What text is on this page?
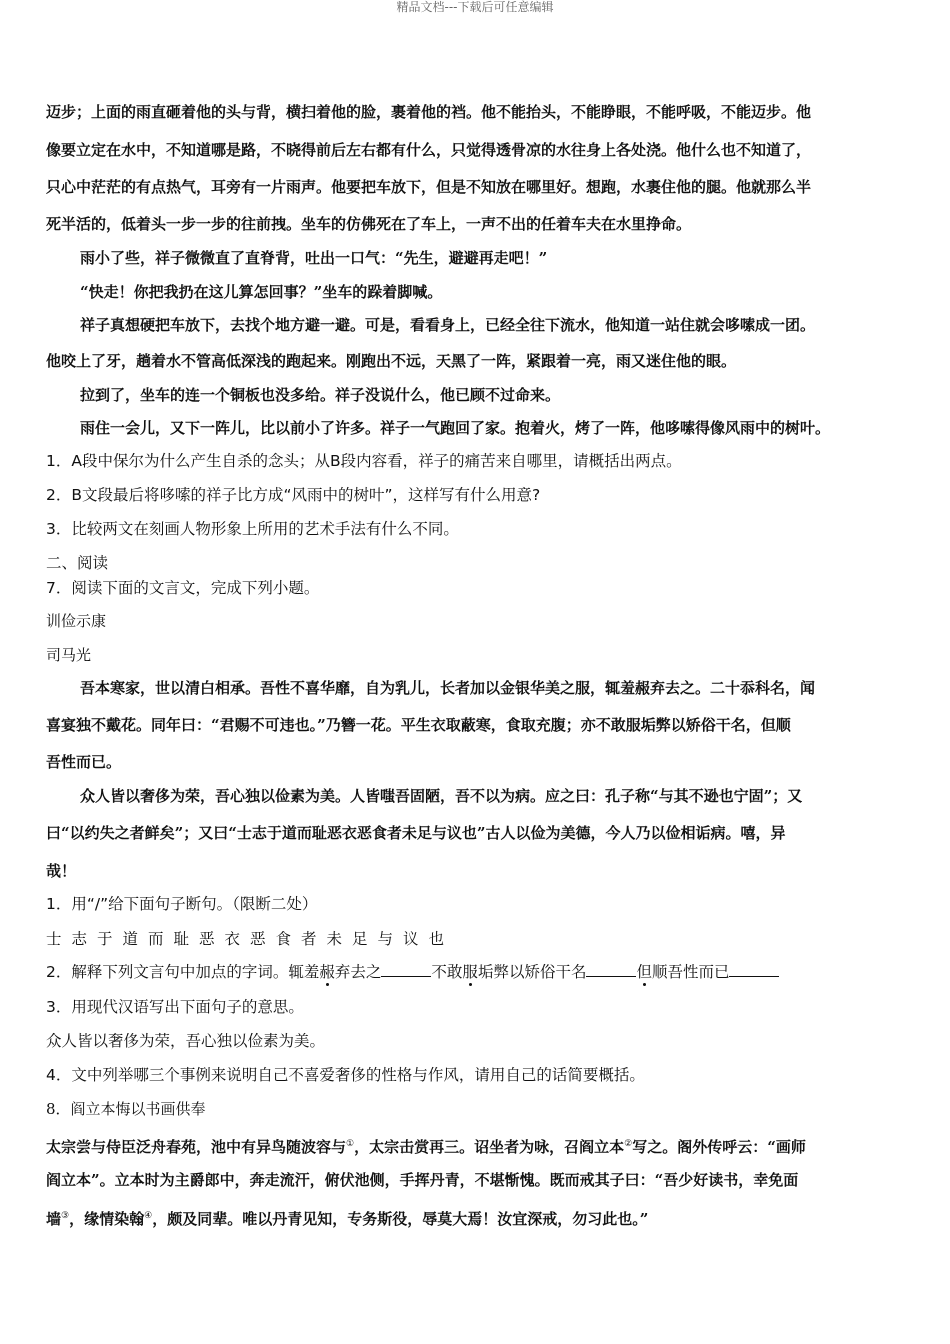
精品文档---下载后可任意编辑
迈步；上面的雨直砸着他的头与背，横扫着他的脸，裹着他的裆。他不能抬头，不能睁眼，不能呼吸，不能迈步。他
像要立定在水中，不知道哪是路，不晓得前后左右都有什么，只觉得透骨凉的水往身上各处浇。他什么也不知道了，
只心中茫茫的有点热气，耳旁有一片雨声。他要把车放下，但是不知放在哪里好。想跑，水裹住他的腿。他就那么半
死半活的，低着头一步一步的往前拽。坐车的仿佛死在了车上，一声不出的任着车夫在水里挣命。
雨小了些，祥子微微直了直脊背，吐出一口气：“先生，避避再走吧！”
“快走！你把我扔在这儿算怎回事？”坐车的跺着脚喊。
祥子真想硬把车放下，去找个地方避一避。可是，看看身上，已经全往下流水，他知道一站住就会哆嗦成一团。
他咬上了牙，趟着水不管高低深浅的跑起来。刚跑出不远，天黑了一阵，紧跟着一亮，雨又迷住他的眼。
拉到了，坐车的连一个铜板也没多给。祥子没说什么，他已顾不过命来。
雨住一会儿，又下一阵儿，比以前小了许多。祥子一气跑回了家。抱着火，烤了一阵，他哆嗦得像风雨中的树叶。
1．A段中保尔为什么产生自杀的念头；从B段内容看，祥子的痛苦来自哪里，请概括出两点。
2．B文段最后将哆嗦的祥子比方成“风雨中的树叶”，这样写有什么用意?
3．比较两文在刻画人物形象上所用的艺术手法有什么不同。
二、阅读
7．阅读下面的文言文，完成下列小题。
训俭示康
司马光
吾本寒家，世以清白相承。吾性不喜华靡，自为乳儿，长者加以金银华美之服，辄羞赧弃去之。二十忝科名，闻
喜宴独不戴花。同年曰：“君赐不可违也。”乃簪一花。平生衣取蔽寒，食取充腹；亦不敢服垢弊以矫俗干名，但顺
吾性而已。
众人皆以奢侈为荣，吾心独以俭素为美。人皆嗤吾固陋，吾不以为病。应之曰：孔子称“与其不逊也宁固”；又
曰“以约失之者鲜矣”；又曰“士志于道而耻恶衣恶食者未足与议也”古人以俭为美德，今人乃以俭相诟病。嘻，异
哉！
1．用“/”给下面句子断句。（限断二处）
士志于道而耻恶衣恶食者未足与议也
2．解释下列文言句中加点的字词。辄羞赧弃去之	不敢服垢弊以矫俗干名	但顺吾性而已
3．用现代汉语写出下面句子的意思。
众人皆以奢侈为荣，吾心独以俭素为美。
4．文中列举哪三个事例来说明自己不喜爱奢侈的性格与作风，请用自己的话简要概括。
8．阎立本悔以书画供奉
太宗尝与侍臣泛舟春苑，池中有异鸟随波容与①，太宗击赏再三。诏坐者为咏，召阎立本②写之。阁外传呼云：“画师
阎立本”。立本时为主爵郎中，奔走流汗，俯伏池侧，手挥丹青，不堪惭愧。既而戒其子曰：“吾少好读书，幸免面
墙③，缘情染翰④，颇及同辈。唯以丹青见知，专务斯役，辱莫大焉！汝宜深戒，勿习此也。”
